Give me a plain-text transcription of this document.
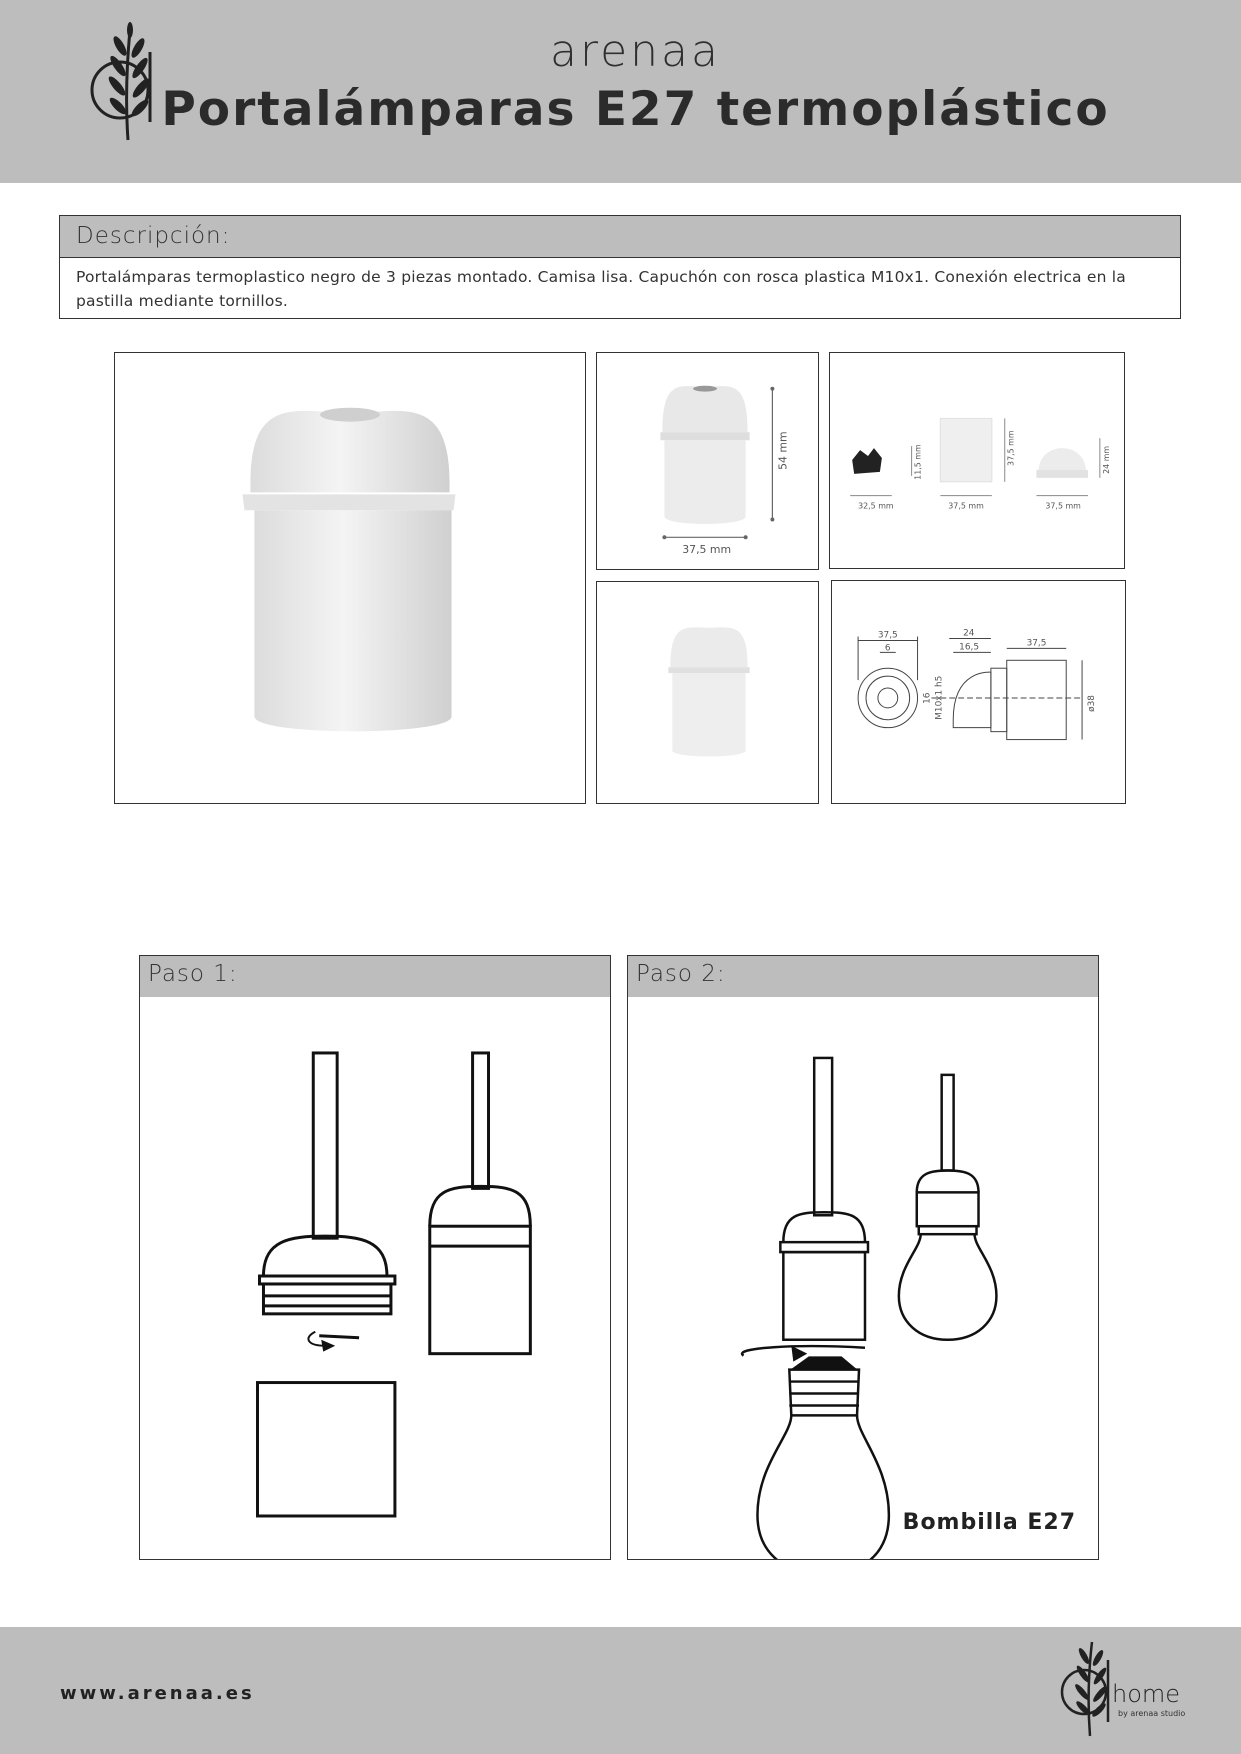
arenaa
Portalámparas E27 termoplástico
Descripción:
Portalámparas termoplastico negro de 3 piezas montado. Camisa lisa. Capuchón con rosca plastica M10x1. Conexión electrica en la pastilla mediante tornillos.
54 mm
37,5 mm
11,5 mm
32,5 mm
37,5 mm
37,5 mm
24 mm
37,5 mm
37,5
6
24
16,5	37,5
16 M10x1 h5	ø38
Paso 1:	Paso 2:
Bombilla E27
www.arenaa.es	home
by arenaa studio
